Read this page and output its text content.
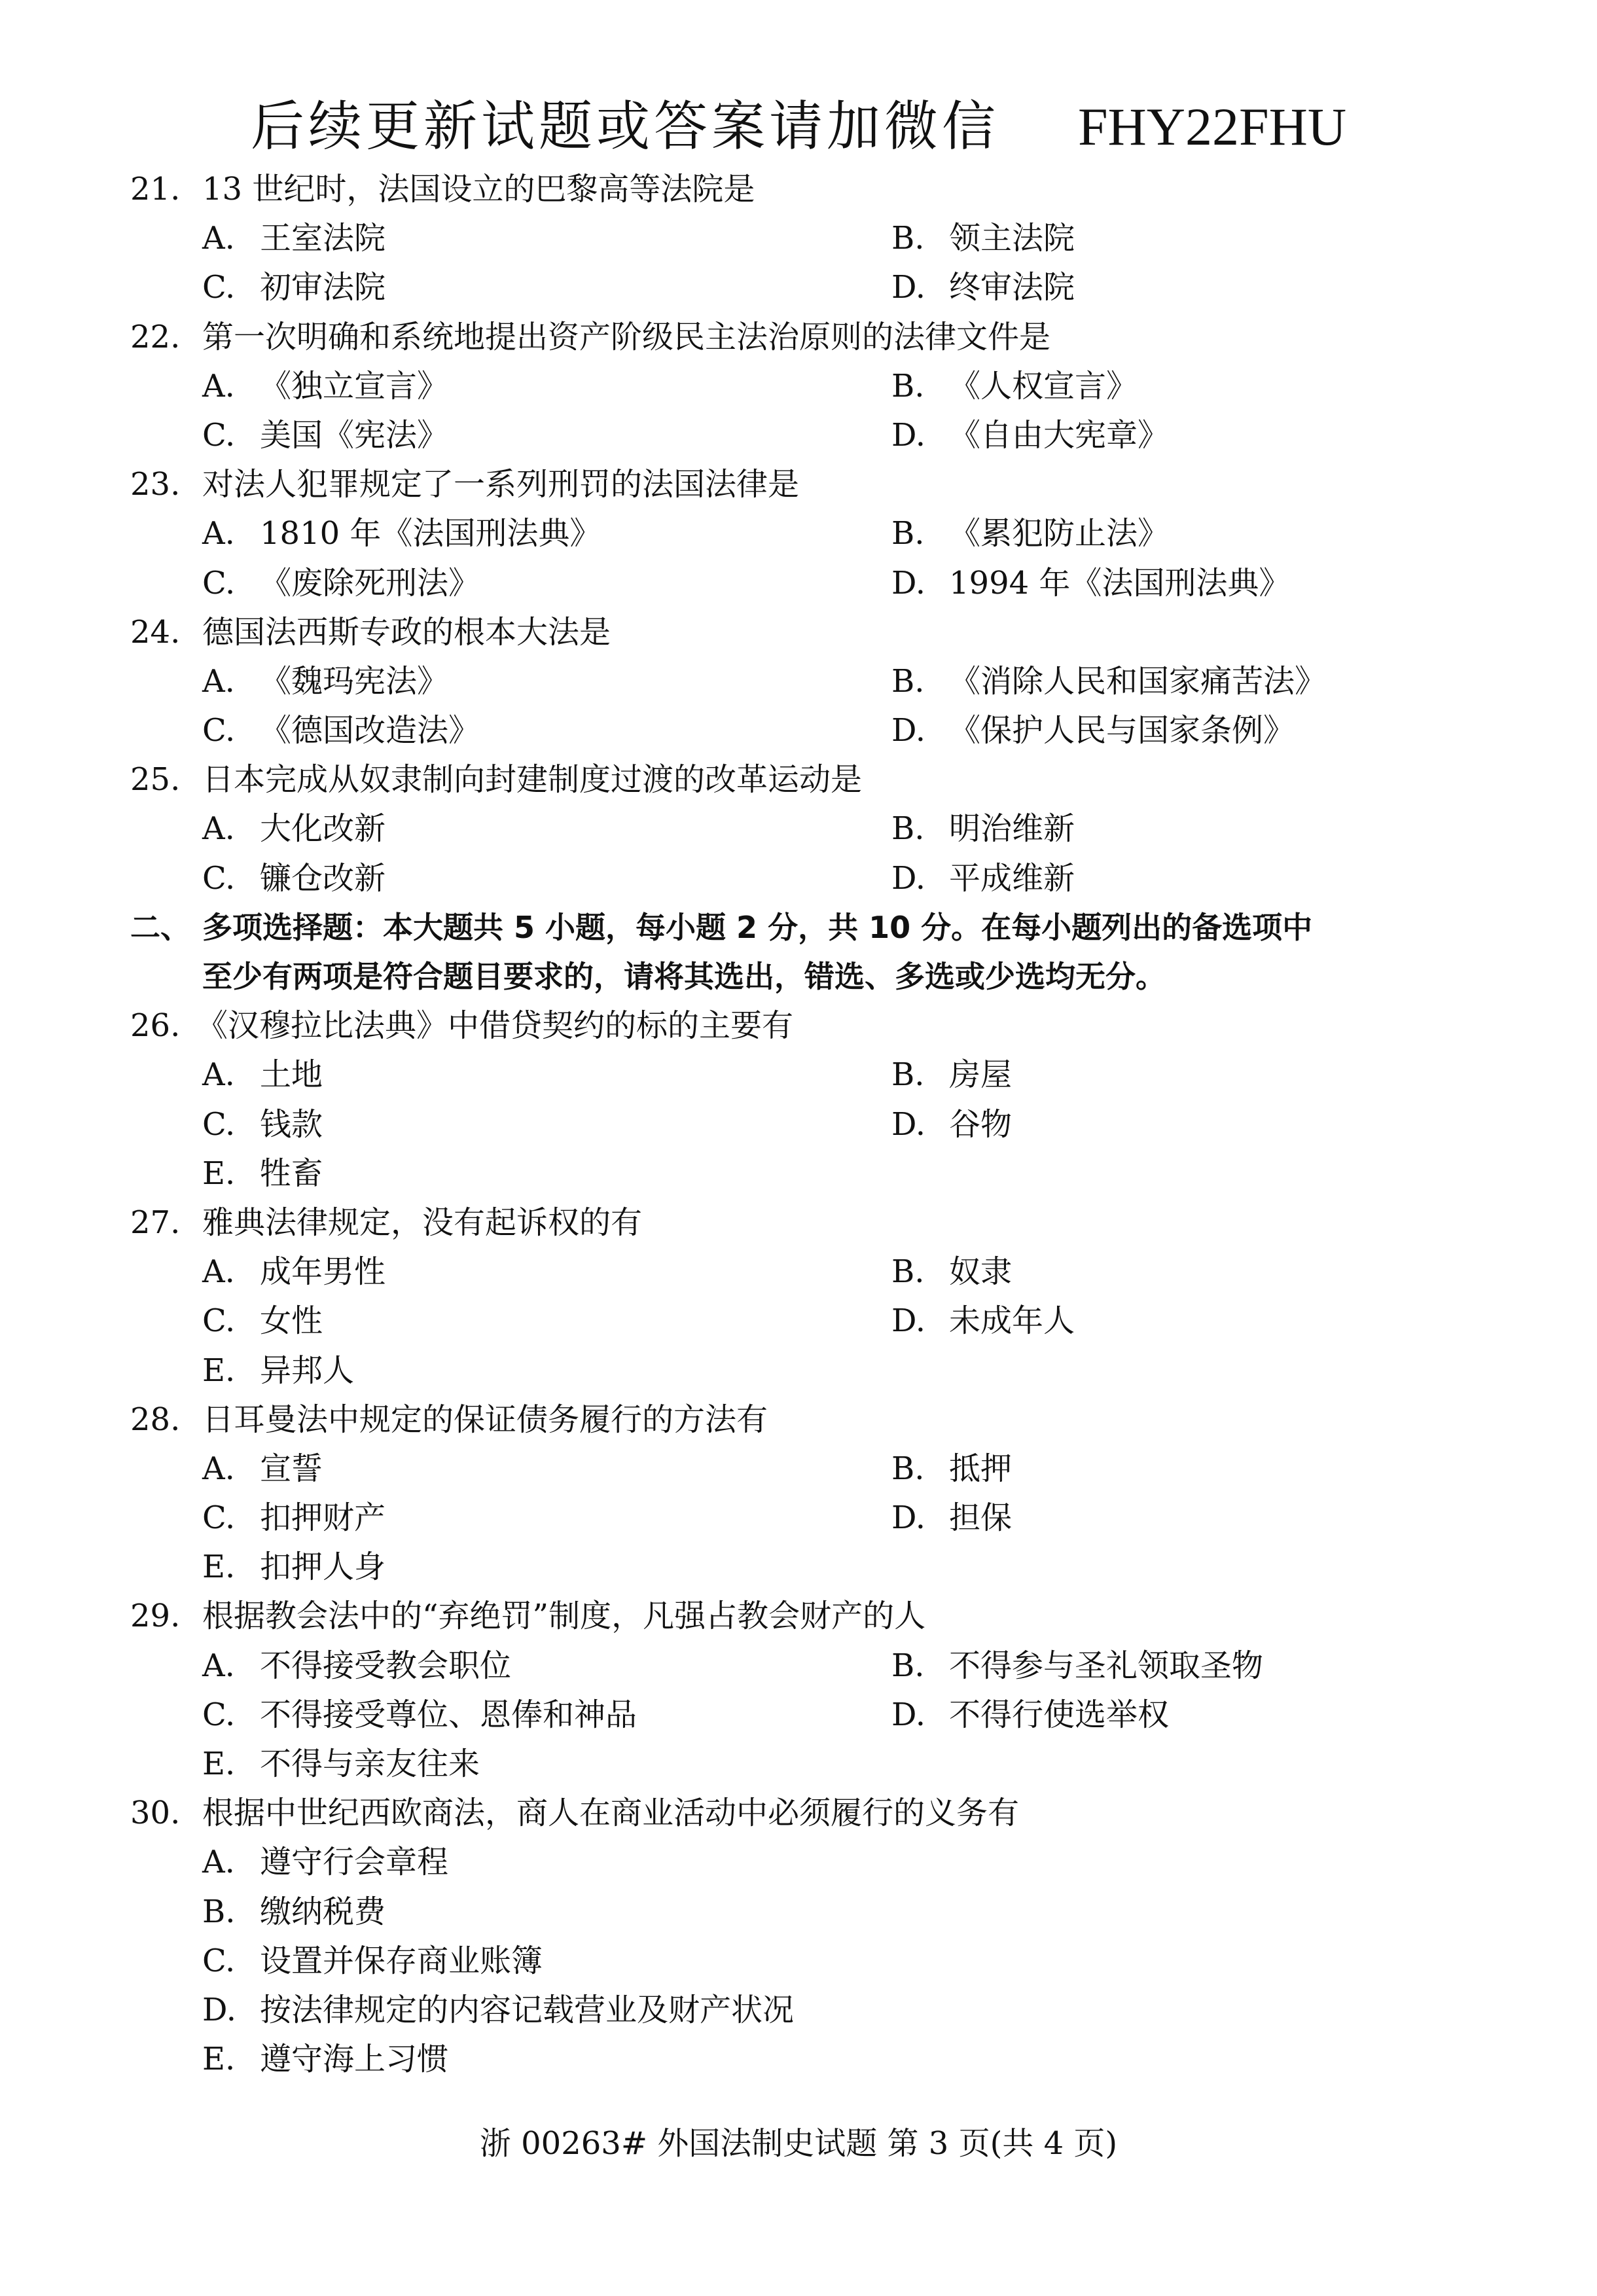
后续更新试题或答案请加微信 FHY22FHU
21. 13 世纪时，法国设立的巴黎高等法院是
A. 王室法院	B. 领主法院
C. 初审法院	D. 终审法院
22. 第一次明确和系统地提出资产阶级民主法治原则的法律文件是
A. 《独立宣言》	B. 《人权宣言》
C. 美国《宪法》	D. 《自由大宪章》
23. 对法人犯罪规定了一系列刑罚的法国法律是
A. 1810 年《法国刑法典》	B. 《累犯防止法》
C. 《废除死刑法》	D. 1994 年《法国刑法典》
24. 德国法西斯专政的根本大法是
A. 《魏玛宪法》	B. 《消除人民和国家痛苦法》
C. 《德国改造法》	D. 《保护人民与国家条例》
25. 日本完成从奴隶制向封建制度过渡的改革运动是
A. 大化改新	B. 明治维新
C. 镰仓改新	D. 平成维新
二、 多项选择题：本大题共 5 小题，每小题 2 分，共 10 分。在每小题列出的备选项中
至少有两项是符合题目要求的，请将其选出，错选、多选或少选均无分。
26. 《汉穆拉比法典》中借贷契约的标的主要有
A. 土地	B. 房屋
C. 钱款	D. 谷物
E. 牲畜
27. 雅典法律规定，没有起诉权的有
A. 成年男性	B. 奴隶
C. 女性	D. 未成年人
E. 异邦人
28. 日耳曼法中规定的保证债务履行的方法有
A. 宣誓	B. 抵押
C. 扣押财产	D. 担保
E. 扣押人身
29. 根据教会法中的“弃绝罚”制度，凡强占教会财产的人
A. 不得接受教会职位	B. 不得参与圣礼领取圣物
C. 不得接受尊位、恩俸和神品	D. 不得行使选举权
E. 不得与亲友往来
30. 根据中世纪西欧商法，商人在商业活动中必须履行的义务有
A. 遵守行会章程
B. 缴纳税费
C. 设置并保存商业账簿
D. 按法律规定的内容记载营业及财产状况
E. 遵守海上习惯
浙 00263# 外国法制史试题 第 3 页(共 4 页)
